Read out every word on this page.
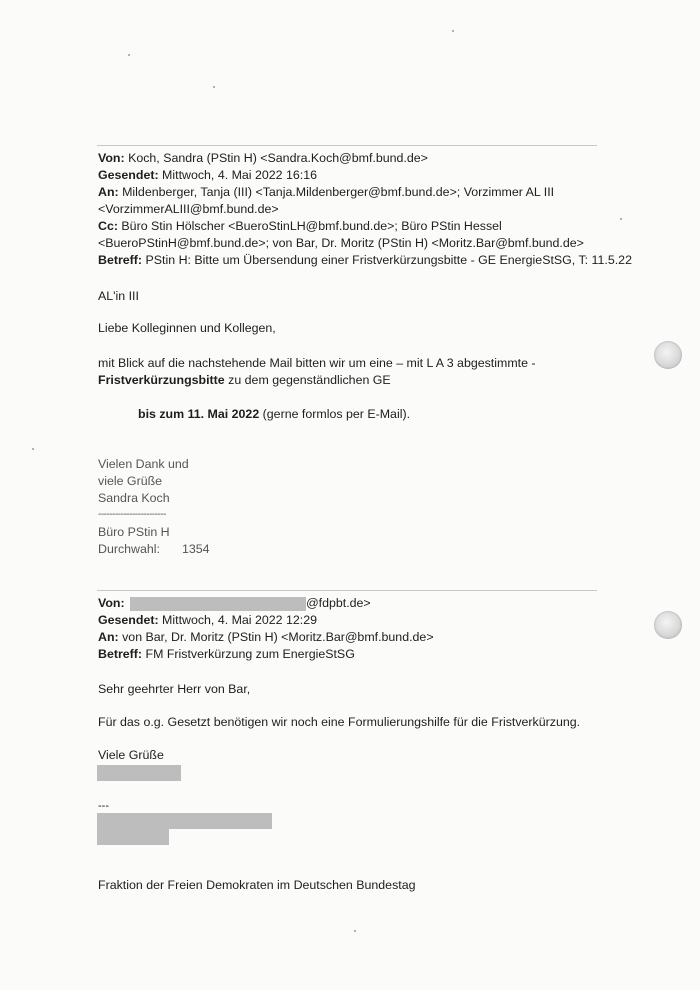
Von: Koch, Sandra (PStin H) <Sandra.Koch@bmf.bund.de>
Gesendet: Mittwoch, 4. Mai 2022 16:16
An: Mildenberger, Tanja (III) <Tanja.Mildenberger@bmf.bund.de>; Vorzimmer AL III
<VorzimmerALIII@bmf.bund.de>
Cc: Büro Stin Hölscher <BueroStinLH@bmf.bund.de>; Büro PStin Hessel
<BueroPStinH@bmf.bund.de>; von Bar, Dr. Moritz (PStin H) <Moritz.Bar@bmf.bund.de>
Betreff: PStin H: Bitte um Übersendung einer Fristverkürzungsbitte - GE EnergieStSG, T: 11.5.22
AL'in III
Liebe Kolleginnen und Kollegen,
mit Blick auf die nachstehende Mail bitten wir um eine – mit L A 3 abgestimmte -
Fristverkürzungsbitte zu dem gegenständlichen GE
bis zum 11. Mai 2022 (gerne formlos per E-Mail).
Vielen Dank und
viele Grüße
Sandra Koch
------------------------
Büro PStin H
Durchwahl: 1354
Von:	@fdpbt.de>
Gesendet: Mittwoch, 4. Mai 2022 12:29
An: von Bar, Dr. Moritz (PStin H) <Moritz.Bar@bmf.bund.de>
Betreff: FM Fristverkürzung zum EnergieStSG
Sehr geehrter Herr von Bar,
Für das o.g. Gesetzt benötigen wir noch eine Formulierungshilfe für die Fristverkürzung.
Viele Grüße
---
Fraktion der Freien Demokraten im Deutschen Bundestag
